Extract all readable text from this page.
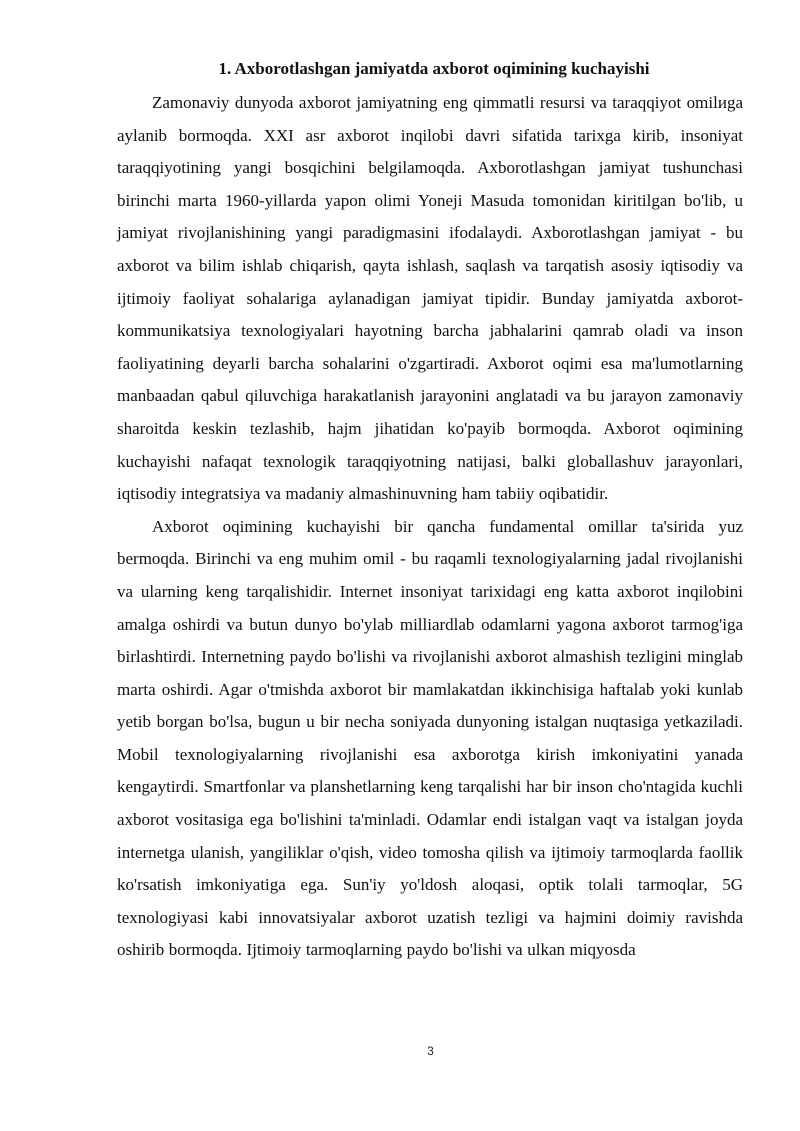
1. Axborotlashgan jamiyatda axborot oqimining kuchayishi

Zamonaviy dunyoda axborot jamiyatning eng qimmatli resursi va taraqqiyot omilиga aylanib bormoqda. XXI asr axborot inqilobi davri sifatida tarixga kirib, insoniyat taraqqiyotining yangi bosqichini belgilamoqda. Axborotlashgan jamiyat tushunchasi birinchi marta 1960-yillarda yapon olimi Yoneji Masuda tomonidan kiritilgan bo'lib, u jamiyat rivojlanishining yangi paradigmasini ifodalaydi. Axborotlashgan jamiyat - bu axborot va bilim ishlab chiqarish, qayta ishlash, saqlash va tarqatish asosiy iqtisodiy va ijtimoiy faoliyat sohalariga aylanadigan jamiyat tipidir. Bunday jamiyatda axborot-kommunikatsiya texnologiyalari hayotning barcha jabhalarini qamrab oladi va inson faoliyatining deyarli barcha sohalarini o'zgartiradi. Axborot oqimi esa ma'lumotlarning manbaadan qabul qiluvchiga harakatlanish jarayonini anglatadi va bu jarayon zamonaviy sharoitda keskin tezlashib, hajm jihatidan ko'payib bormoqda. Axborot oqimining kuchayishi nafaqat texnologik taraqqiyotning natijasi, balki globallashuv jarayonlari, iqtisodiy integratsiya va madaniy almashinuvning ham tabiiy oqibatidir.

Axborot oqimining kuchayishi bir qancha fundamental omillar ta'sirida yuz bermoqda. Birinchi va eng muhim omil - bu raqamli texnologiyalarning jadal rivojlanishi va ularning keng tarqalishidir. Internet insoniyat tarixidagi eng katta axborot inqilobini amalga oshirdi va butun dunyo bo'ylab milliardlab odamlarni yagona axborot tarmog'iga birlashtirdi. Internetning paydo bo'lishi va rivojlanishi axborot almashish tezligini minglab marta oshirdi. Agar o'tmishda axborot bir mamlakatdan ikkinchisiga haftalab yoki kunlab yetib borgan bo'lsa, bugun u bir necha soniyada dunyoning istalgan nuqtasiga yetkaziladi. Mobil texnologiyalarning rivojlanishi esa axborotga kirish imkoniyatini yanada kengaytirdi. Smartfonlar va planshetlarning keng tarqalishi har bir inson cho'ntagida kuchli axborot vositasiga ega bo'lishini ta'minladi. Odamlar endi istalgan vaqt va istalgan joyda internetga ulanish, yangiliklar o'qish, video tomosha qilish va ijtimoiy tarmoqlarda faollik ko'rsatish imkoniyatiga ega. Sun'iy yo'ldosh aloqasi, optik tolali tarmoqlar, 5G texnologiyasi kabi innovatsiyalar axborot uzatish tezligi va hajmini doimiy ravishda oshirib bormoqda. Ijtimoiy tarmoqlarning paydo bo'lishi va ulkan miqyosda

3
